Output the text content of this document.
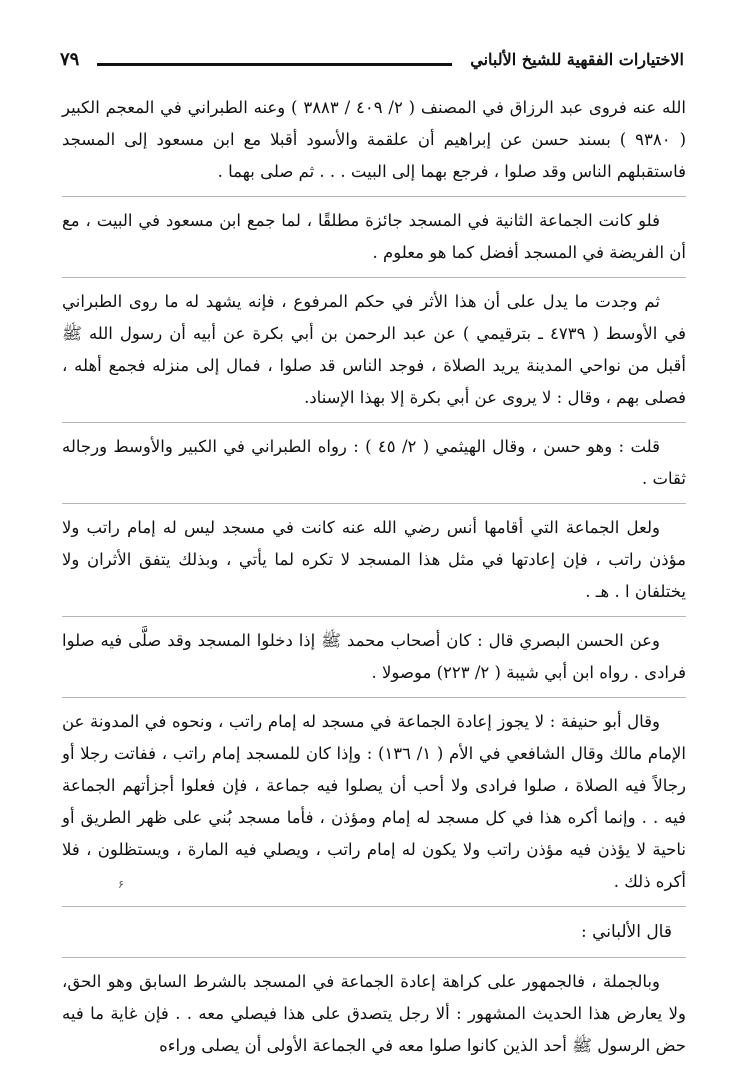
الاختيارات الفقهية للشيخ الألباني
٧٩

الله عنه فروى عبد الرزاق في المصنف ( ٢/ ٤٠٩ / ٣٨٨٣ ) وعنه الطبراني في المعجم الكبير ( ٩٣٨٠ ) بسند حسن عن إبراهيم أن علقمة والأسود أقبلا مع ابن مسعود إلى المسجد فاستقبلهم الناس وقد صلوا ، فرجع بهما إلى البيت . . . ثم صلى بهما .

فلو كانت الجماعة الثانية في المسجد جائزة مطلقًا ، لما جمع ابن مسعود في البيت ، مع أن الفريضة في المسجد أفضل كما هو معلوم .

ثم وجدت ما يدل على أن هذا الأثر في حكم المرفوع ، فإنه يشهد له ما روى الطبراني في الأوسط ( ٤٧٣٩ ـ بترقيمي ) عن عبد الرحمن بن أبي بكرة عن أبيه أن رسول الله ﷺ أقبل من نواحي المدينة يريد الصلاة ، فوجد الناس قد صلوا ، فمال إلى منزله فجمع أهله ، فصلى بهم ، وقال : لا يروى عن أبي بكرة إلا بهذا الإسناد.

قلت : وهو حسن ، وقال الهيثمي ( ٢/ ٤٥ ) : رواه الطبراني في الكبير والأوسط ورجاله ثقات .

ولعل الجماعة التي أقامها أنس رضي الله عنه كانت في مسجد ليس له إمام راتب ولا مؤذن راتب ، فإن إعادتها في مثل هذا المسجد لا تكره لما يأتي ، وبذلك يتفق الأثران ولا يختلفان ا . هـ .

وعن الحسن البصري قال : كان أصحاب محمد ﷺ إذا دخلوا المسجد وقد صلَّى فيه صلوا فرادى . رواه ابن أبي شيبة ( ٢/ ٢٢٣) موصولا .

وقال أبو حنيفة : لا يجوز إعادة الجماعة في مسجد له إمام راتب ، ونحوه في المدونة عن الإمام مالك وقال الشافعي في الأم ( ١/ ١٣٦) : وإذا كان للمسجد إمام راتب ، ففاتت رجلا أو رجالاً فيه الصلاة ، صلوا فرادى ولا أحب أن يصلوا فيه جماعة ، فإن فعلوا أجزأتهم الجماعة فيه . . وإنما أكره هذا في كل مسجد له إمام ومؤذن ، فأما مسجد بُني على ظهر الطريق أو ناحية لا يؤذن فيه مؤذن راتب ولا يكون له إمام راتب ، ويصلي فيه المارة ، ويستظلون ، فلا أكره ذلك .

قال الألباني :

وبالجملة ، فالجمهور على كراهة إعادة الجماعة في المسجد بالشرط السابق وهو الحق، ولا يعارض هذا الحديث المشهور : ألا رجل يتصدق على هذا فيصلي معه . . فإن غاية ما فيه حض الرسول ﷺ أحد الذين كانوا صلوا معه في الجماعة الأولى أن يصلى وراءه

۶
